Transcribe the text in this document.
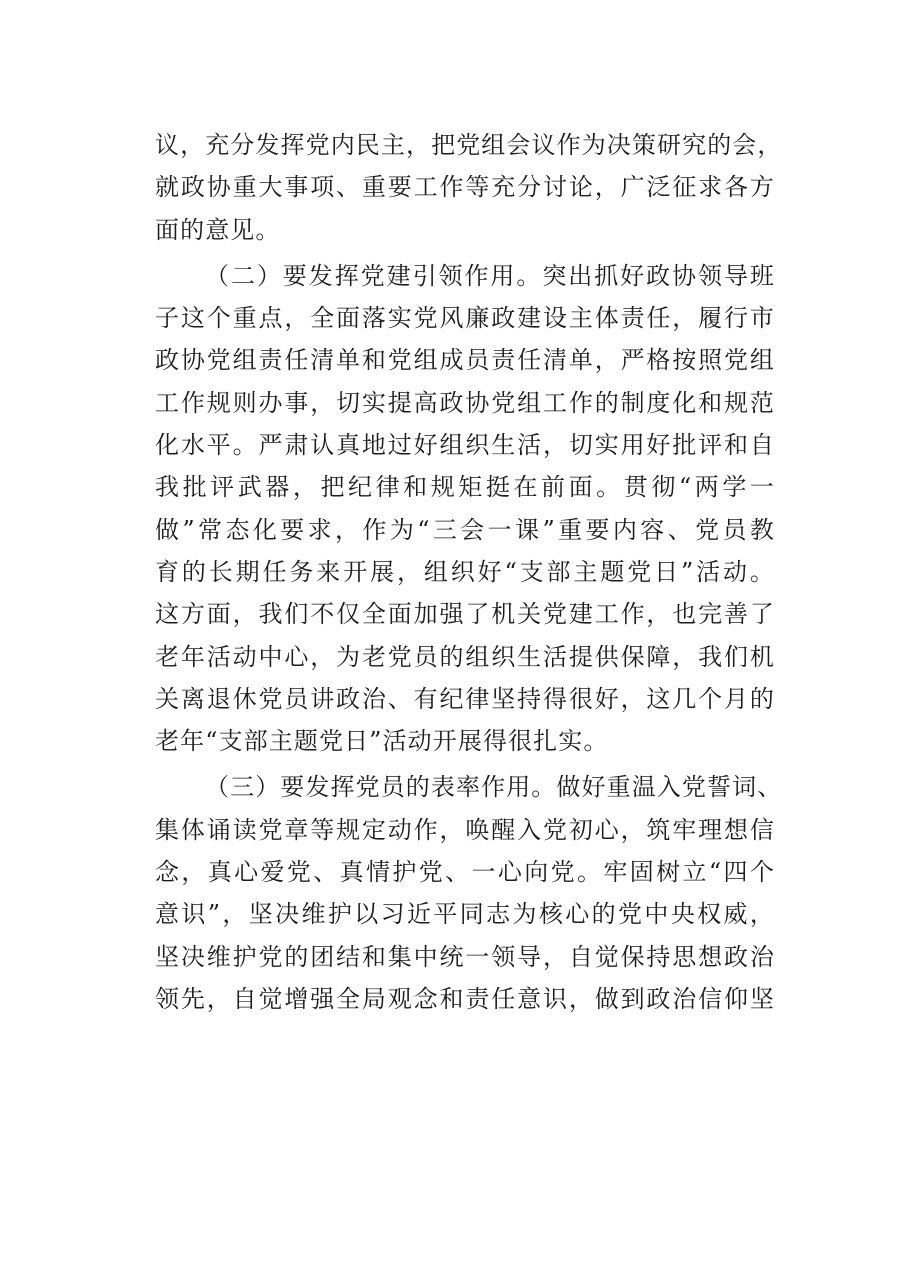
议，充分发挥党内民主，把党组会议作为决策研究的会，
就政协重大事项、重要工作等充分讨论，广泛征求各方
面的意见。
（二）要发挥党建引领作用。突出抓好政协领导班
子这个重点，全面落实党风廉政建设主体责任，履行市
政协党组责任清单和党组成员责任清单，严格按照党组
工作规则办事，切实提高政协党组工作的制度化和规范
化水平。严肃认真地过好组织生活，切实用好批评和自
我批评武器，把纪律和规矩挺在前面。贯彻“两学一
做”常态化要求，作为“三会一课”重要内容、党员教
育的长期任务来开展，组织好“支部主题党日”活动。
这方面，我们不仅全面加强了机关党建工作，也完善了
老年活动中心，为老党员的组织生活提供保障，我们机
关离退休党员讲政治、有纪律坚持得很好，这几个月的
老年“支部主题党日”活动开展得很扎实。
（三）要发挥党员的表率作用。做好重温入党誓词、
集体诵读党章等规定动作，唤醒入党初心，筑牢理想信
念，真心爱党、真情护党、一心向党。牢固树立“四个
意识”，坚决维护以习近平同志为核心的党中央权威，
坚决维护党的团结和集中统一领导，自觉保持思想政治
领先，自觉增强全局观念和责任意识，做到政治信仰坚
